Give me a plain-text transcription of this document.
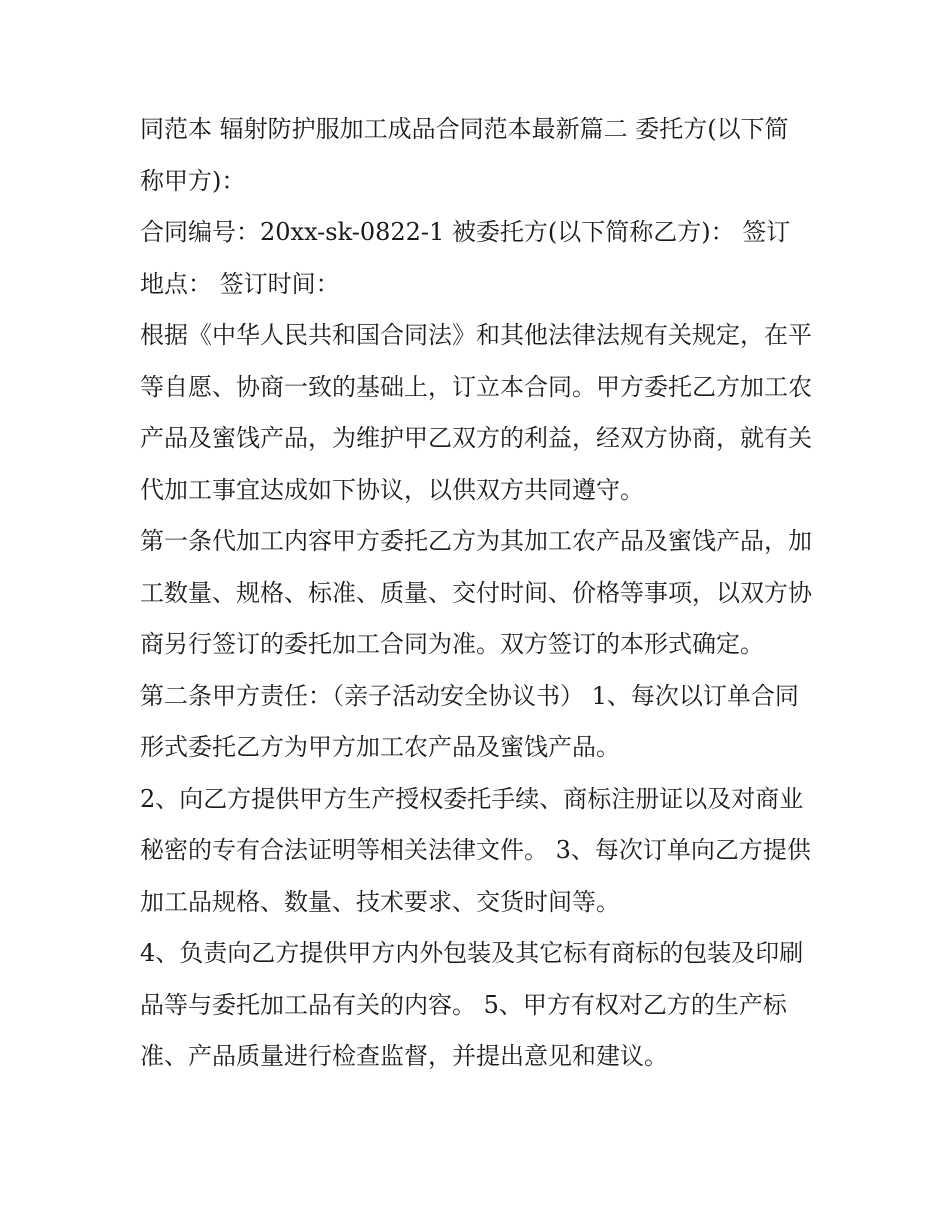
同范本 辐射防护服加工成品合同范本最新篇二 委托方(以下简称甲方)：

合同编号：20xx-sk-0822-1 被委托方(以下简称乙方)： 签订地点： 签订时间：

根据《中华人民共和国合同法》和其他法律法规有关规定，在平等自愿、协商一致的基础上，订立本合同。甲方委托乙方加工农产品及蜜饯产品，为维护甲乙双方的利益，经双方协商，就有关代加工事宜达成如下协议，以供双方共同遵守。

第一条代加工内容甲方委托乙方为其加工农产品及蜜饯产品，加工数量、规格、标准、质量、交付时间、价格等事项，以双方协商另行签订的委托加工合同为准。双方签订的本形式确定。

第二条甲方责任：（亲子活动安全协议书） 1、每次以订单合同形式委托乙方为甲方加工农产品及蜜饯产品。

2、向乙方提供甲方生产授权委托手续、商标注册证以及对商业秘密的专有合法证明等相关法律文件。 3、每次订单向乙方提供加工品规格、数量、技术要求、交货时间等。

4、负责向乙方提供甲方内外包装及其它标有商标的包装及印刷品等与委托加工品有关的内容。 5、甲方有权对乙方的生产标准、产品质量进行检查监督，并提出意见和建议。
